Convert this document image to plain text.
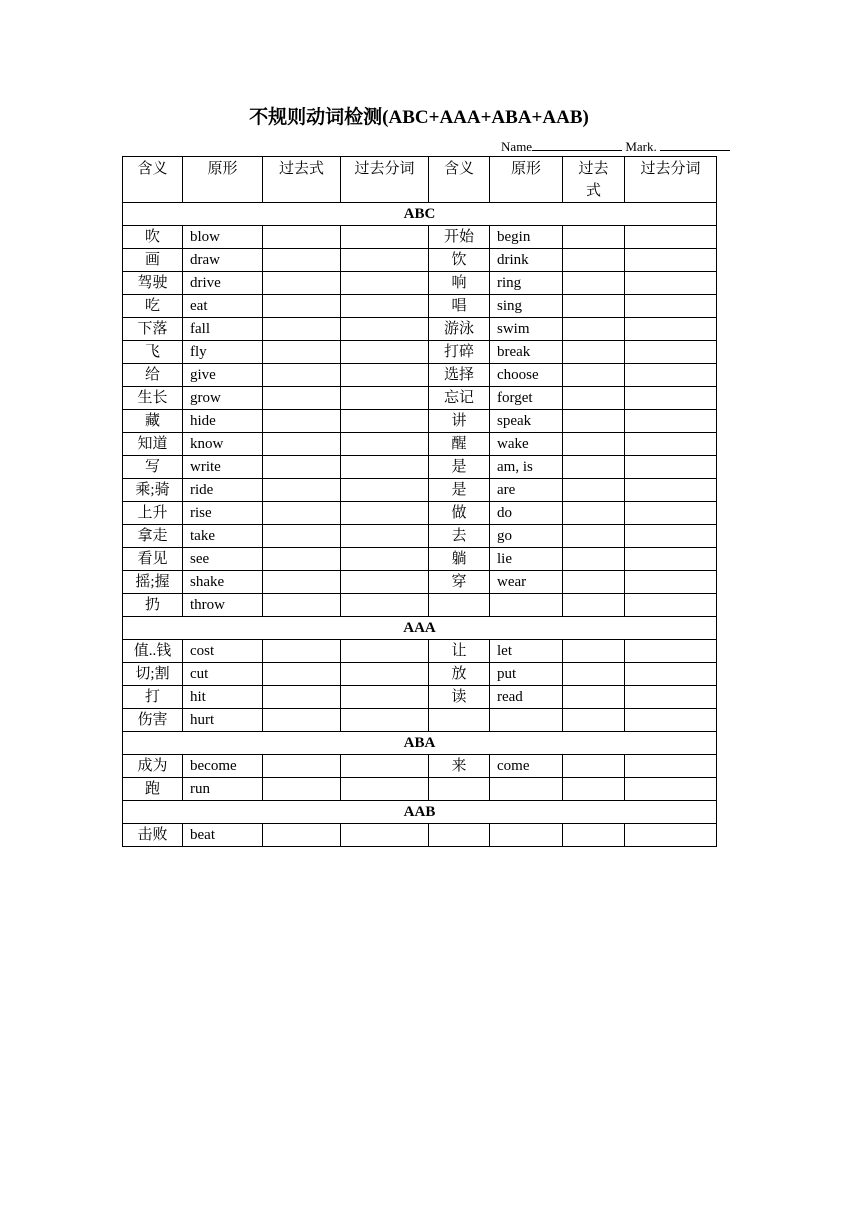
不规则动词检测(ABC+AAA+ABA+AAB)
Name	Mark.
含义	原形	过去式	过去分词	含义	原形	过去式	过去分词
ABC							
吹	blow			开始	begin		
画	draw			饮	drink		
驾驶	drive			响	ring		
吃	eat			唱	sing		
下落	fall			游泳	swim		
飞	fly			打碎	break		
给	give			选择	choose		
生长	grow			忘记	forget		
藏	hide			讲	speak		
知道	know			醒	wake		
写	write			是	am, is		
乘;骑	ride			是	are		
上升	rise			做	do		
拿走	take			去	go		
看见	see			躺	lie		
摇;握	shake			穿	wear		
扔	throw						
AAA							
值..钱	cost			让	let		
切;割	cut			放	put		
打	hit			读	read		
伤害	hurt						
ABA							
成为	become			来	come		
跑	run						
AAB							
击败	beat						
